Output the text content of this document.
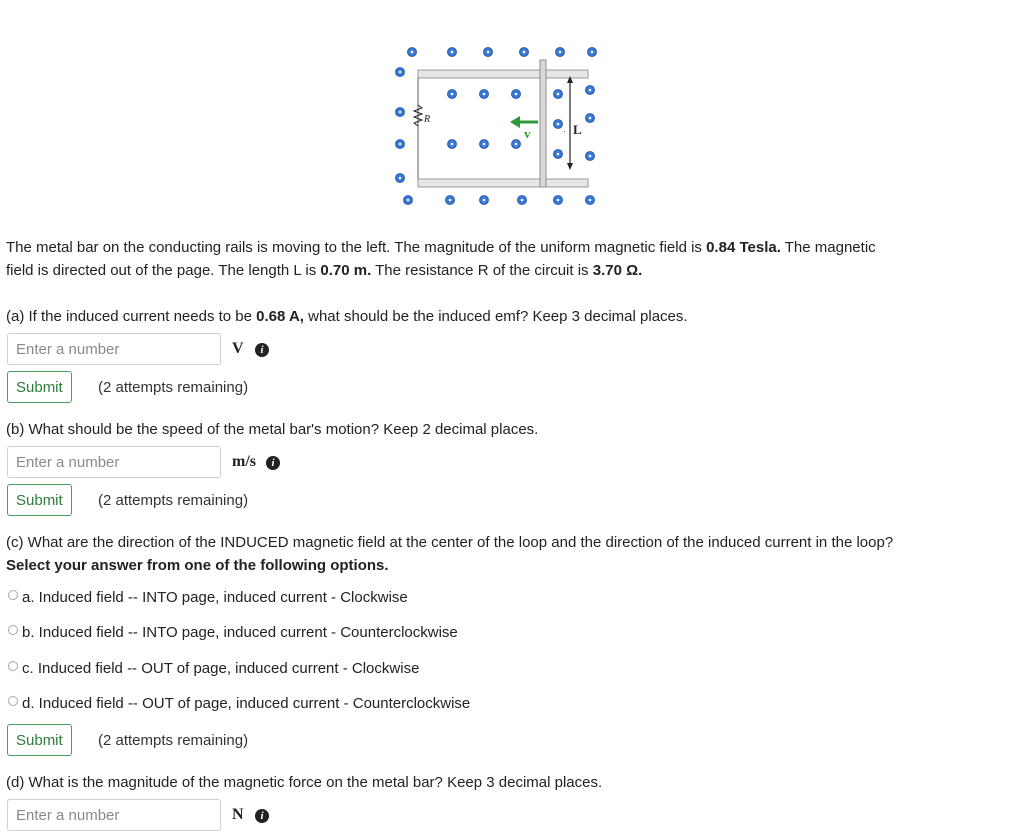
R
v	L
·
The metal bar on the conducting rails is moving to the left. The magnitude of the uniform magnetic field is 0.84 Tesla. The magnetic
field is directed out of the page. The length L is 0.70 m. The resistance R of the circuit is 3.70 Ω.
(a) If the induced current needs to be 0.68 A, what should be the induced emf? Keep 3 decimal places.
Enter a number
V	i
Submit	(2 attempts remaining)
(b) What should be the speed of the metal bar's motion? Keep 2 decimal places.
Enter a number
m/s	i
Submit	(2 attempts remaining)
(c) What are the direction of the INDUCED magnetic field at the center of the loop and the direction of the induced current in the loop?
Select your answer from one of the following options.
a. Induced field -- INTO page, induced current - Clockwise
b. Induced field -- INTO page, induced current - Counterclockwise
c. Induced field -- OUT of page, induced current - Clockwise
d. Induced field -- OUT of page, induced current - Counterclockwise
Submit	(2 attempts remaining)
(d) What is the magnitude of the magnetic force on the metal bar? Keep 3 decimal places.
Enter a number
N	i
